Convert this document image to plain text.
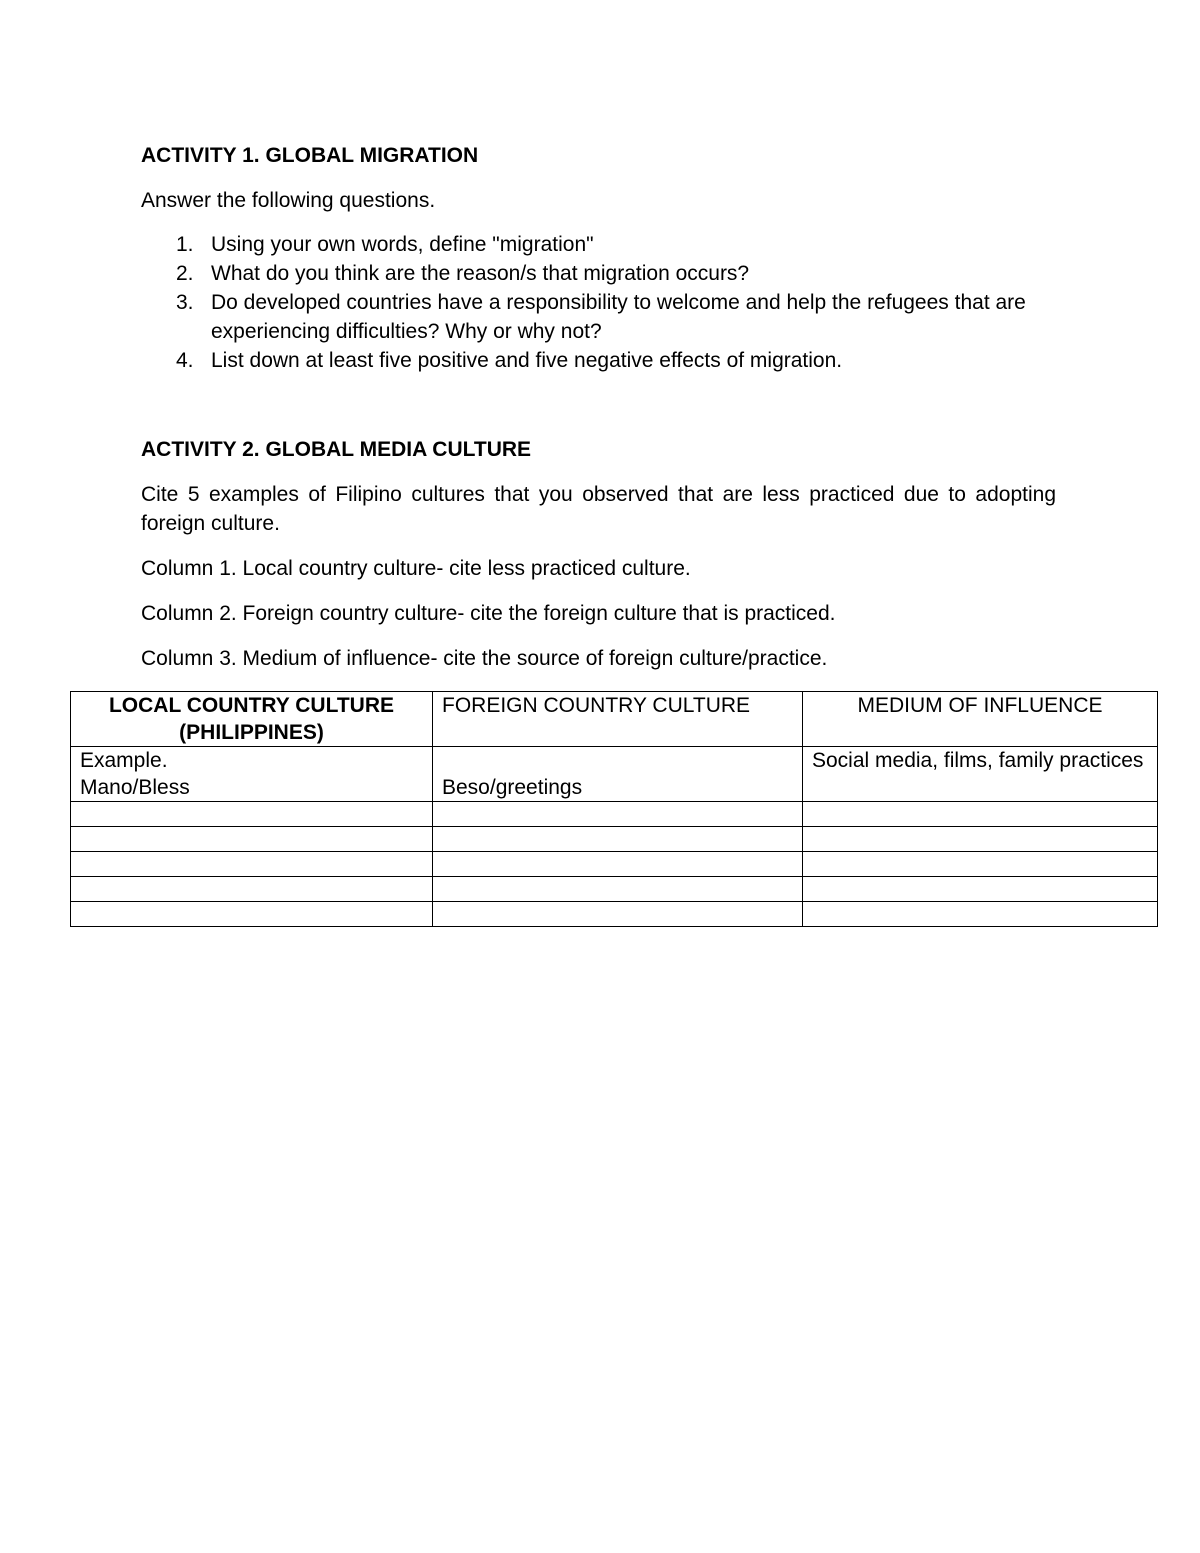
ACTIVITY 1. GLOBAL MIGRATION

Answer the following questions.

1. Using your own words, define "migration"
2. What do you think are the reason/s that migration occurs?
3. Do developed countries have a responsibility to welcome and help the refugees that are experiencing difficulties? Why or why not?
4. List down at least five positive and five negative effects of migration.
ACTIVITY 2. GLOBAL MEDIA CULTURE

Cite 5 examples of Filipino cultures that you observed that are less practiced due to adopting foreign culture.

Column 1. Local country culture- cite less practiced culture.

Column 2. Foreign country culture- cite the foreign culture that is practiced.

Column 3. Medium of influence- cite the source of foreign culture/practice.

LOCAL COUNTRY CULTURE
(PHILIPPINES)	FOREIGN COUNTRY CULTURE	MEDIUM OF INFLUENCE

Example.
Mano/Bless	Beso/greetings	Social media, films, family practices
